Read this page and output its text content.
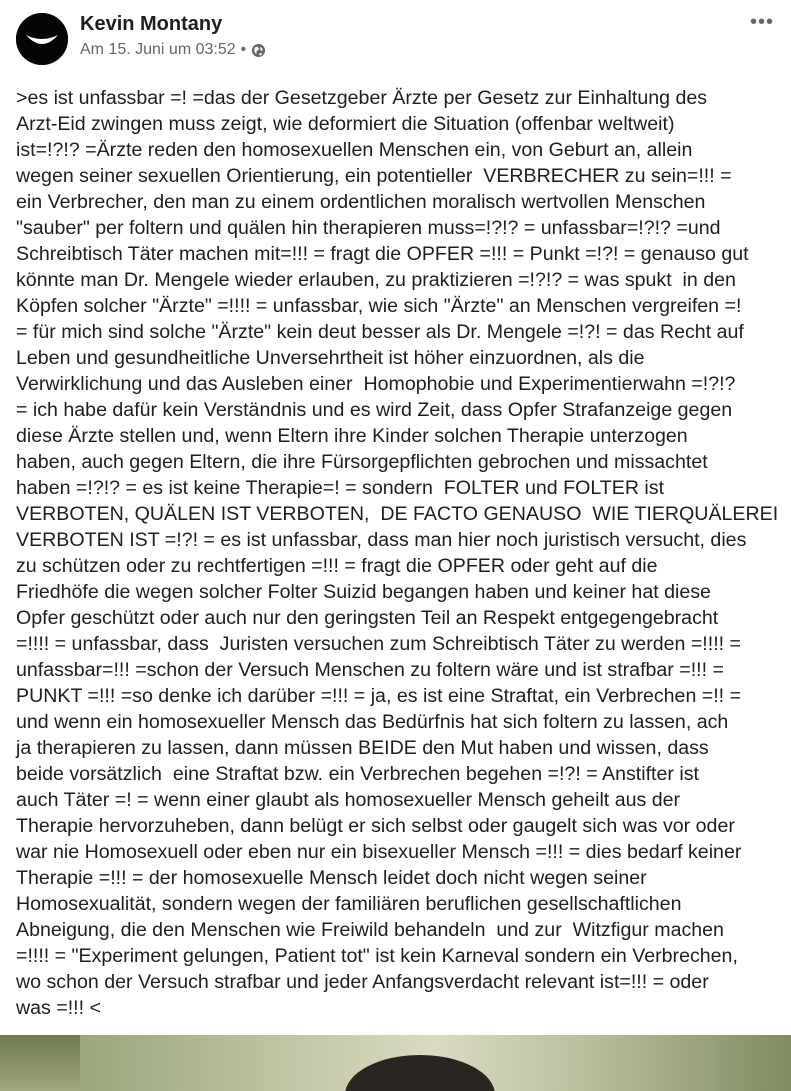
Kevin Montany
Am 15. Juni um 03:52 •
•••
>es ist unfassbar =! =das der Gesetzgeber Ärzte per Gesetz zur Einhaltung des
Arzt-Eid zwingen muss zeigt, wie deformiert die Situation (offenbar weltweit)
ist=!?!? =Ärzte reden den homosexuellen Menschen ein, von Geburt an, allein
wegen seiner sexuellen Orientierung, ein potentieller  VERBRECHER zu sein=!!! =
ein Verbrecher, den man zu einem ordentlichen moralisch wertvollen Menschen
"sauber" per foltern und quälen hin therapieren muss=!?!? = unfassbar=!?!? =und
Schreibtisch Täter machen mit=!!! = fragt die OPFER =!!! = Punkt =!?! = genauso gut
könnte man Dr. Mengele wieder erlauben, zu praktizieren =!?!? = was spukt  in den
Köpfen solcher "Ärzte" =!!!! = unfassbar, wie sich "Ärzte" an Menschen vergreifen =!
= für mich sind solche "Ärzte" kein deut besser als Dr. Mengele =!?! = das Recht auf
Leben und gesundheitliche Unversehrtheit ist höher einzuordnen, als die
Verwirklichung und das Ausleben einer  Homophobie und Experimentierwahn =!?!?
= ich habe dafür kein Verständnis und es wird Zeit, dass Opfer Strafanzeige gegen
diese Ärzte stellen und, wenn Eltern ihre Kinder solchen Therapie unterzogen
haben, auch gegen Eltern, die ihre Fürsorgepflichten gebrochen und missachtet
haben =!?!? = es ist keine Therapie=! = sondern  FOLTER und FOLTER ist
VERBOTEN, QUÄLEN IST VERBOTEN,  DE FACTO GENAUSO  WIE TIERQUÄLEREI
VERBOTEN IST =!?! = es ist unfassbar, dass man hier noch juristisch versucht, dies
zu schützen oder zu rechtfertigen =!!! = fragt die OPFER oder geht auf die
Friedhöfe die wegen solcher Folter Suizid begangen haben und keiner hat diese
Opfer geschützt oder auch nur den geringsten Teil an Respekt entgegengebracht
=!!!! = unfassbar, dass  Juristen versuchen zum Schreibtisch Täter zu werden =!!!! =
unfassbar=!!! =schon der Versuch Menschen zu foltern wäre und ist strafbar =!!! =
PUNKT =!!! =so denke ich darüber =!!! = ja, es ist eine Straftat, ein Verbrechen =!! =
und wenn ein homosexueller Mensch das Bedürfnis hat sich foltern zu lassen, ach
ja therapieren zu lassen, dann müssen BEIDE den Mut haben und wissen, dass
beide vorsätzlich  eine Straftat bzw. ein Verbrechen begehen =!?! = Anstifter ist
auch Täter =! = wenn einer glaubt als homosexueller Mensch geheilt aus der
Therapie hervorzuheben, dann belügt er sich selbst oder gaugelt sich was vor oder
war nie Homosexuell oder eben nur ein bisexueller Mensch =!!! = dies bedarf keiner
Therapie =!!! = der homosexuelle Mensch leidet doch nicht wegen seiner
Homosexualität, sondern wegen der familiären beruflichen gesellschaftlichen
Abneigung, die den Menschen wie Freiwild behandeln  und zur  Witzfigur machen
=!!!! = "Experiment gelungen, Patient tot" ist kein Karneval sondern ein Verbrechen,
wo schon der Versuch strafbar und jeder Anfangsverdacht relevant ist=!!! = oder
was =!!! <
